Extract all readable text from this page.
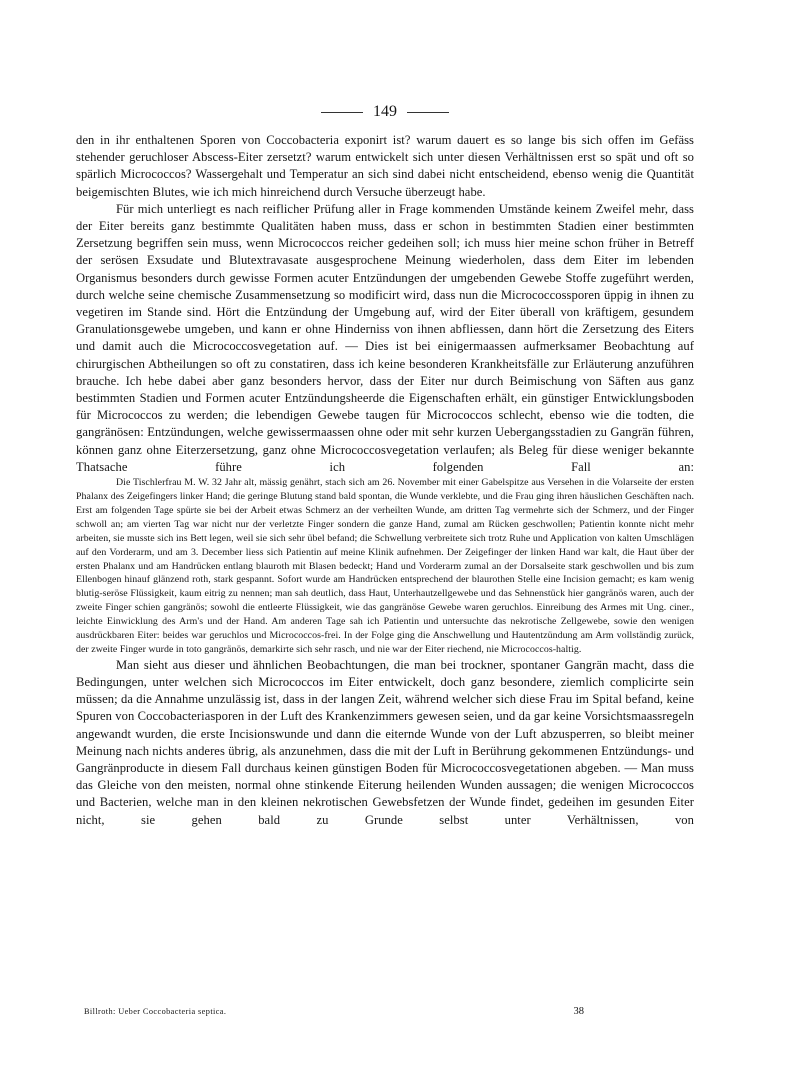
149

den in ihr enthaltenen Sporen von Coccobacteria exponirt ist? warum dauert es so lange bis sich offen im Gefäss stehender geruchloser Abscess-Eiter zersetzt? warum entwickelt sich unter diesen Verhältnissen erst so spät und oft so spärlich Micrococcos? Wassergehalt und Temperatur an sich sind dabei nicht entscheidend, ebenso wenig die Quantität beigemischten Blutes, wie ich mich hinreichend durch Versuche überzeugt habe.

Für mich unterliegt es nach reiflicher Prüfung aller in Frage kommenden Umstände keinem Zweifel mehr, dass der Eiter bereits ganz bestimmte Qualitäten haben muss, dass er schon in bestimmten Stadien einer bestimmten Zersetzung begriffen sein muss, wenn Micrococcos reicher gedeihen soll; ich muss hier meine schon früher in Betreff der serösen Exsudate und Blutextravasate ausgesprochene Meinung wiederholen, dass dem Eiter im lebenden Organismus besonders durch gewisse Formen acuter Entzündungen der umgebenden Gewebe Stoffe zugeführt werden, durch welche seine chemische Zusammensetzung so modificirt wird, dass nun die Micrococcossporen üppig in ihnen zu vegetiren im Stande sind. Hört die Entzündung der Umgebung auf, wird der Eiter überall von kräftigem, gesundem Granulationsgewebe umgeben, und kann er ohne Hinderniss von ihnen abfliessen, dann hört die Zersetzung des Eiters und damit auch die Micrococcosvegetation auf. — Dies ist bei einigermaassen aufmerksamer Beobachtung auf chirurgischen Abtheilungen so oft zu constatiren, dass ich keine besonderen Krankheitsfälle zur Erläuterung anzuführen brauche. Ich hebe dabei aber ganz besonders hervor, dass der Eiter nur durch Beimischung von Säften aus ganz bestimmten Stadien und Formen acuter Entzündungsheerde die Eigenschaften erhält, ein günstiger Entwicklungsboden für Micrococcos zu werden; die lebendigen Gewebe taugen für Micrococcos schlecht, ebenso wie die todten, die gangränösen: Entzündungen, welche gewissermaassen ohne oder mit sehr kurzen Uebergangsstadien zu Gangrän führen, können ganz ohne Eiterzersetzung, ganz ohne Micrococcosvegetation verlaufen; als Beleg für diese weniger bekannte Thatsache führe ich folgenden Fall an:

Die Tischlerfrau M. W. 32 Jahr alt, mässig genährt, stach sich am 26. November mit einer Gabelspitze aus Versehen in die Volarseite der ersten Phalanx des Zeigefingers linker Hand; die geringe Blutung stand bald spontan, die Wunde verklebte, und die Frau ging ihren häuslichen Geschäften nach. Erst am folgenden Tage spürte sie bei der Arbeit etwas Schmerz an der verheilten Wunde, am dritten Tag vermehrte sich der Schmerz, und der Finger schwoll an; am vierten Tag war nicht nur der verletzte Finger sondern die ganze Hand, zumal am Rücken geschwollen; Patientin konnte nicht mehr arbeiten, sie musste sich ins Bett legen, weil sie sich sehr übel befand; die Schwellung verbreitete sich trotz Ruhe und Application von kalten Umschlägen auf den Vorderarm, und am 3. December liess sich Patientin auf meine Klinik aufnehmen. Der Zeigefinger der linken Hand war kalt, die Haut über der ersten Phalanx und am Handrücken entlang blauroth mit Blasen bedeckt; Hand und Vorderarm zumal an der Dorsalseite stark geschwollen und bis zum Ellenbogen hinauf glänzend roth, stark gespannt. Sofort wurde am Handrücken entsprechend der blaurothen Stelle eine Incision gemacht; es kam wenig blutig-seröse Flüssigkeit, kaum eitrig zu nennen; man sah deutlich, dass Haut, Unterhautzellgewebe und das Sehnenstück hier gangränös waren, auch der zweite Finger schien gangränös; sowohl die entleerte Flüssigkeit, wie das gangränöse Gewebe waren geruchlos. Einreibung des Armes mit Ung. ciner., leichte Einwicklung des Arm's und der Hand. Am anderen Tage sah ich Patientin und untersuchte das nekrotische Zellgewebe, sowie den wenigen ausdrückbaren Eiter: beides war geruchlos und Micrococcos-frei. In der Folge ging die Anschwellung und Hautentzündung am Arm vollständig zurück, der zweite Finger wurde in toto gangränös, demarkirte sich sehr rasch, und nie war der Eiter riechend, nie Micrococcos-haltig.

Man sieht aus dieser und ähnlichen Beobachtungen, die man bei trockner, spontaner Gangrän macht, dass die Bedingungen, unter welchen sich Micrococcos im Eiter entwickelt, doch ganz besondere, ziemlich complicirte sein müssen; da die Annahme unzulässig ist, dass in der langen Zeit, während welcher sich diese Frau im Spital befand, keine Spuren von Coccobacteriasporen in der Luft des Krankenzimmers gewesen seien, und da gar keine Vorsichtsmaassregeln angewandt wurden, die erste Incisionswunde und dann die eiternde Wunde von der Luft abzusperren, so bleibt meiner Meinung nach nichts anderes übrig, als anzunehmen, dass die mit der Luft in Berührung gekommenen Entzündungs- und Gangränproducte in diesem Fall durchaus keinen günstigen Boden für Micrococcosvegetationen abgeben. — Man muss das Gleiche von den meisten, normal ohne stinkende Eiterung heilenden Wunden aussagen; die wenigen Micrococcos und Bacterien, welche man in den kleinen nekrotischen Gewebsfetzen der Wunde findet, gedeihen im gesunden Eiter nicht, sie gehen bald zu Grunde selbst unter Verhältnissen, von

Billroth: Ueber Coccobacteria septica.	38
